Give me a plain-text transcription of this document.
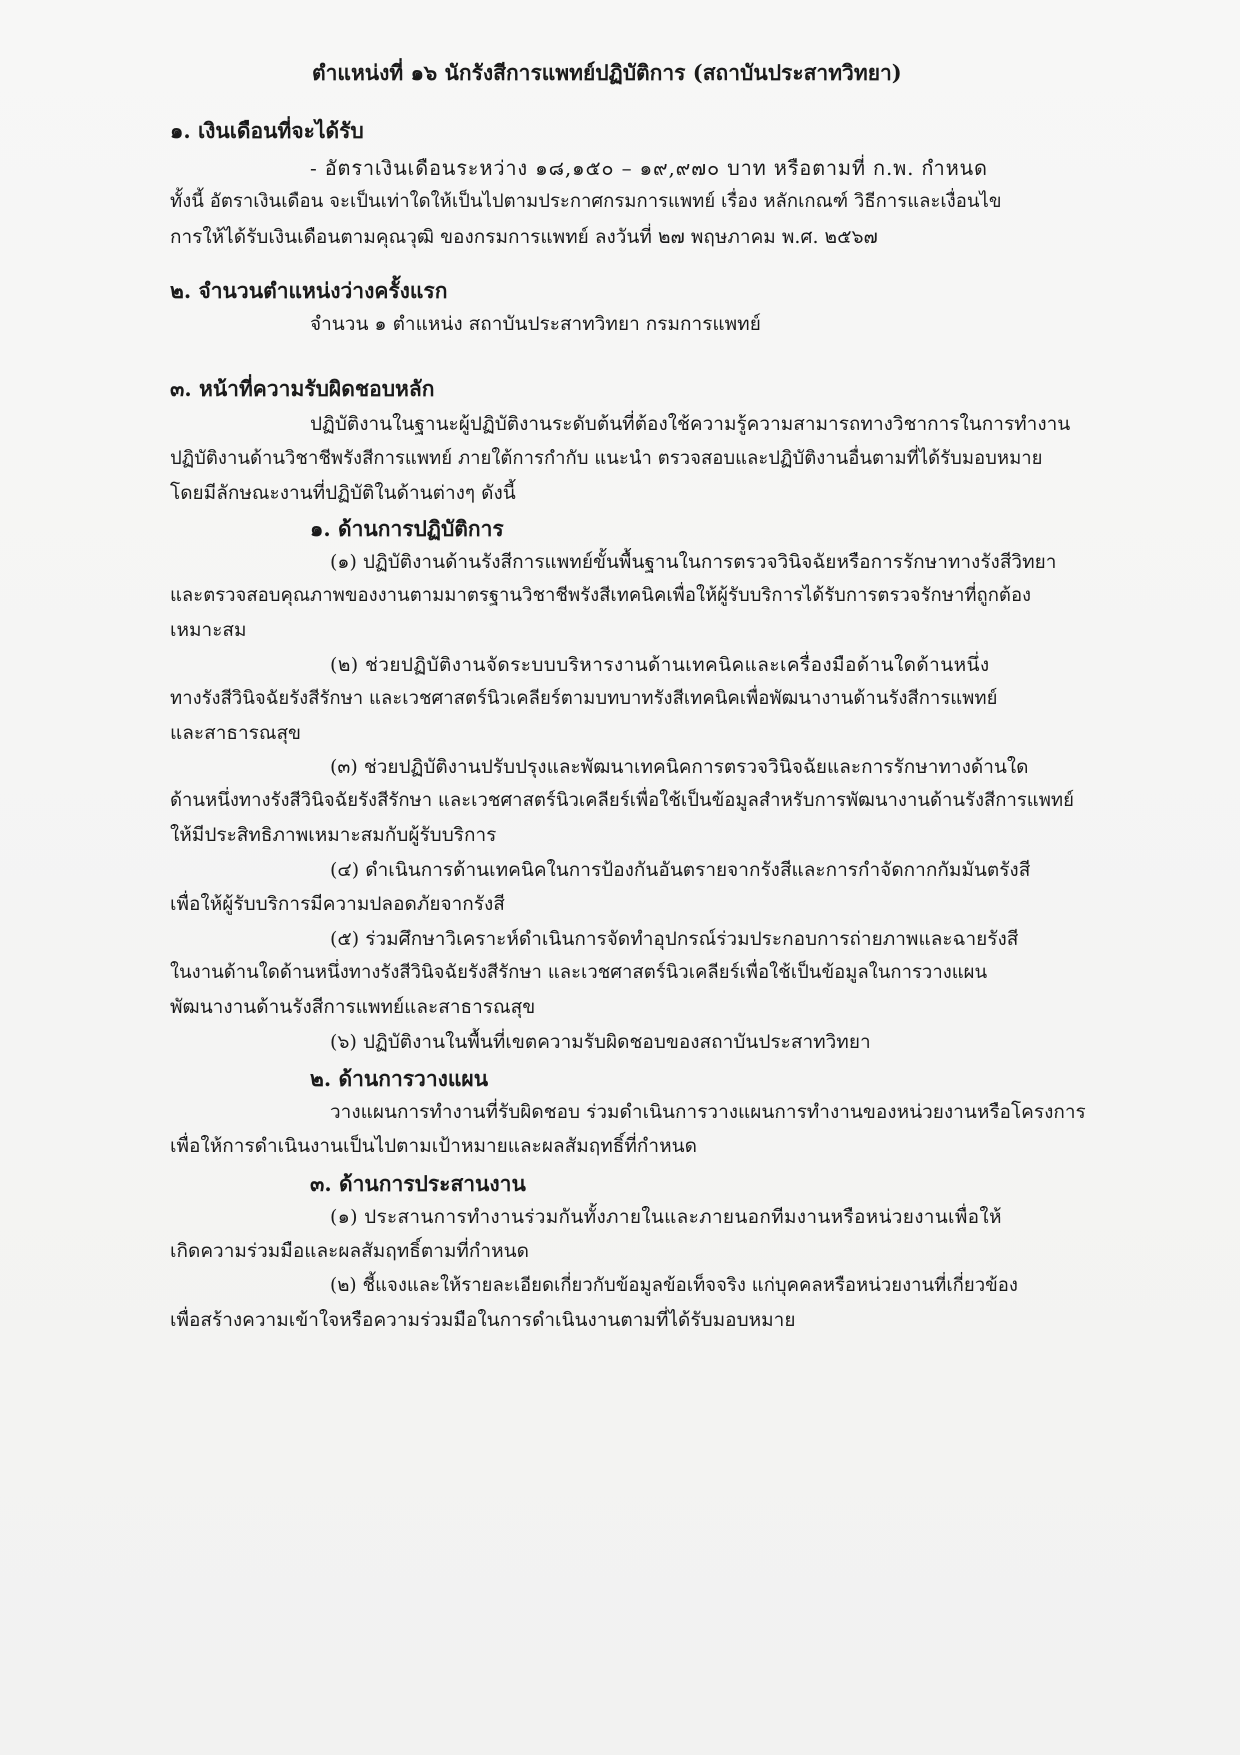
ตำแหน่งที่ ๑๖ นักรังสีการแพทย์ปฏิบัติการ (สถาบันประสาทวิทยา)
๑. เงินเดือนที่จะได้รับ
- อัตราเงินเดือนระหว่าง ๑๘,๑๕๐ – ๑๙,๙๗๐ บาท หรือตามที่ ก.พ. กำหนด
ทั้งนี้ อัตราเงินเดือน จะเป็นเท่าใดให้เป็นไปตามประกาศกรมการแพทย์ เรื่อง หลักเกณฑ์ วิธีการและเงื่อนไข
การให้ได้รับเงินเดือนตามคุณวุฒิ ของกรมการแพทย์ ลงวันที่ ๒๗ พฤษภาคม พ.ศ. ๒๕๖๗
๒. จำนวนตำแหน่งว่างครั้งแรก
จำนวน ๑ ตำแหน่ง สถาบันประสาทวิทยา กรมการแพทย์
๓. หน้าที่ความรับผิดชอบหลัก
ปฏิบัติงานในฐานะผู้ปฏิบัติงานระดับต้นที่ต้องใช้ความรู้ความสามารถทางวิชาการในการทำงาน
ปฏิบัติงานด้านวิชาชีพรังสีการแพทย์ ภายใต้การกำกับ แนะนำ ตรวจสอบและปฏิบัติงานอื่นตามที่ได้รับมอบหมาย
โดยมีลักษณะงานที่ปฏิบัติในด้านต่างๆ ดังนี้
๑. ด้านการปฏิบัติการ
(๑) ปฏิบัติงานด้านรังสีการแพทย์ขั้นพื้นฐานในการตรวจวินิจฉัยหรือการรักษาทางรังสีวิทยา
และตรวจสอบคุณภาพของงานตามมาตรฐานวิชาชีพรังสีเทคนิคเพื่อให้ผู้รับบริการได้รับการตรวจรักษาที่ถูกต้อง
เหมาะสม
(๒) ช่วยปฏิบัติงานจัดระบบบริหารงานด้านเทคนิคและเครื่องมือด้านใดด้านหนึ่ง
ทางรังสีวินิจฉัยรังสีรักษา และเวชศาสตร์นิวเคลียร์ตามบทบาทรังสีเทคนิคเพื่อพัฒนางานด้านรังสีการแพทย์
และสาธารณสุข
(๓) ช่วยปฏิบัติงานปรับปรุงและพัฒนาเทคนิคการตรวจวินิจฉัยและการรักษาทางด้านใด
ด้านหนึ่งทางรังสีวินิจฉัยรังสีรักษา และเวชศาสตร์นิวเคลียร์เพื่อใช้เป็นข้อมูลสำหรับการพัฒนางานด้านรังสีการแพทย์
ให้มีประสิทธิภาพเหมาะสมกับผู้รับบริการ
(๔) ดำเนินการด้านเทคนิคในการป้องกันอันตรายจากรังสีและการกำจัดกากกัมมันตรังสี
เพื่อให้ผู้รับบริการมีความปลอดภัยจากรังสี
(๕) ร่วมศึกษาวิเคราะห์ดำเนินการจัดทำอุปกรณ์ร่วมประกอบการถ่ายภาพและฉายรังสี
ในงานด้านใดด้านหนึ่งทางรังสีวินิจฉัยรังสีรักษา และเวชศาสตร์นิวเคลียร์เพื่อใช้เป็นข้อมูลในการวางแผน
พัฒนางานด้านรังสีการแพทย์และสาธารณสุข
(๖) ปฏิบัติงานในพื้นที่เขตความรับผิดชอบของสถาบันประสาทวิทยา
๒. ด้านการวางแผน
วางแผนการทำงานที่รับผิดชอบ ร่วมดำเนินการวางแผนการทำงานของหน่วยงานหรือโครงการ
เพื่อให้การดำเนินงานเป็นไปตามเป้าหมายและผลสัมฤทธิ์ที่กำหนด
๓. ด้านการประสานงาน
(๑) ประสานการทำงานร่วมกันทั้งภายในและภายนอกทีมงานหรือหน่วยงานเพื่อให้
เกิดความร่วมมือและผลสัมฤทธิ์ตามที่กำหนด
(๒) ชี้แจงและให้รายละเอียดเกี่ยวกับข้อมูลข้อเท็จจริง แก่บุคคลหรือหน่วยงานที่เกี่ยวข้อง
เพื่อสร้างความเข้าใจหรือความร่วมมือในการดำเนินงานตามที่ได้รับมอบหมาย
